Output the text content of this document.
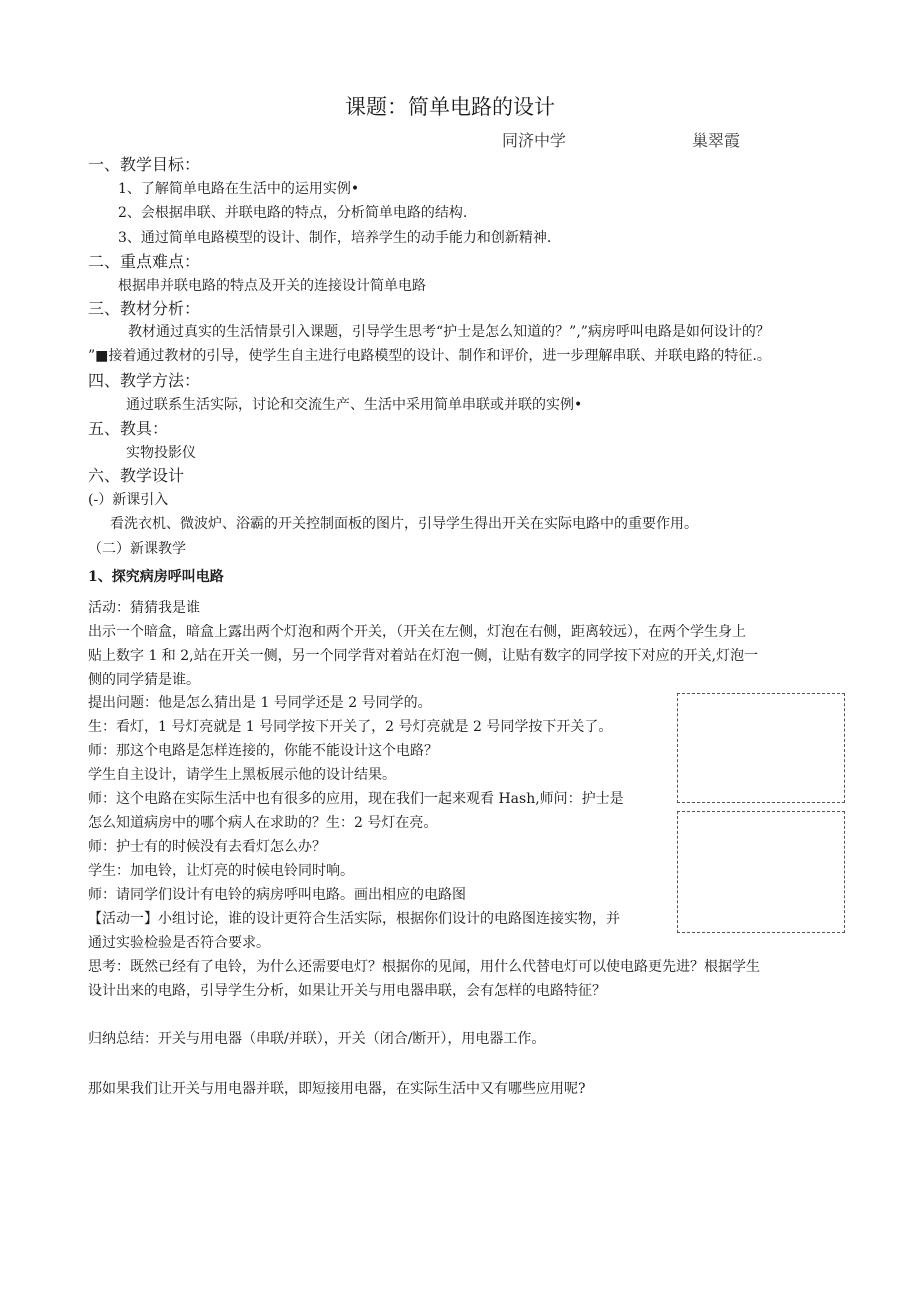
课题：简单电路的设计
同济中学	巢翠霞
一、教学目标：
1、了解简单电路在生活中的运用实例•
2、会根据串联、并联电路的特点，分析简单电路的结构.
3、通过简单电路模型的设计、制作，培养学生的动手能力和创新精神.
二、重点难点：
根据串并联电路的特点及开关的连接设计简单电路
三、教材分析：
教材通过真实的生活情景引入课题，引导学生思考“护士是怎么知道的？”,”病房呼叫电路是如何设计的？
”■接着通过教材的引导，使学生自主进行电路模型的设计、制作和评价，进一步理解串联、并联电路的特征.。
四、教学方法：
通过联系生活实际，讨论和交流生产、生活中采用简单串联或并联的实例•
五、教具：
实物投影仪
六、教学设计
(-）新课引入
看洗衣机、微波炉、浴霸的开关控制面板的图片，引导学生得出开关在实际电路中的重要作用。
（二）新课教学
1、探究病房呼叫电路
活动：猜猜我是谁
出示一个暗盒，暗盒上露出两个灯泡和两个开关，（开关在左侧，灯泡在右侧，距离较远），在两个学生身上
贴上数字 1 和 2,站在开关一侧，另一个同学背对着站在灯泡一侧，让贴有数字的同学按下对应的开关,灯泡一
侧的同学猜是谁。
提出问题：他是怎么猜出是 1 号同学还是 2 号同学的。
生：看灯，1 号灯亮就是 1 号同学按下开关了，2 号灯亮就是 2 号同学按下开关了。
师：那这个电路是怎样连接的，你能不能设计这个电路？
学生自主设计，请学生上黑板展示他的设计结果。
师：这个电路在实际生活中也有很多的应用，现在我们一起来观看 Hash,师问：护士是
怎么知道病房中的哪个病人在求助的？生：2 号灯在亮。
师：护士有的时候没有去看灯怎么办？
学生：加电铃，让灯亮的时候电铃同时响。
师：请同学们设计有电铃的病房呼叫电路。画出相应的电路图
【活动一】小组讨论，谁的设计更符合生活实际，根据你们设计的电路图连接实物，并
通过实验检验是否符合要求。
思考：既然已经有了电铃，为什么还需要电灯？根据你的见闻，用什么代替电灯可以使电路更先进？根据学生
设计出来的电路，引导学生分析，如果让开关与用电器串联，会有怎样的电路特征？
归纳总结：开关与用电器（串联/并联），开关（闭合/断开），用电器工作。
那如果我们让开关与用电器并联，即短接用电器，在实际生活中又有哪些应用呢?
